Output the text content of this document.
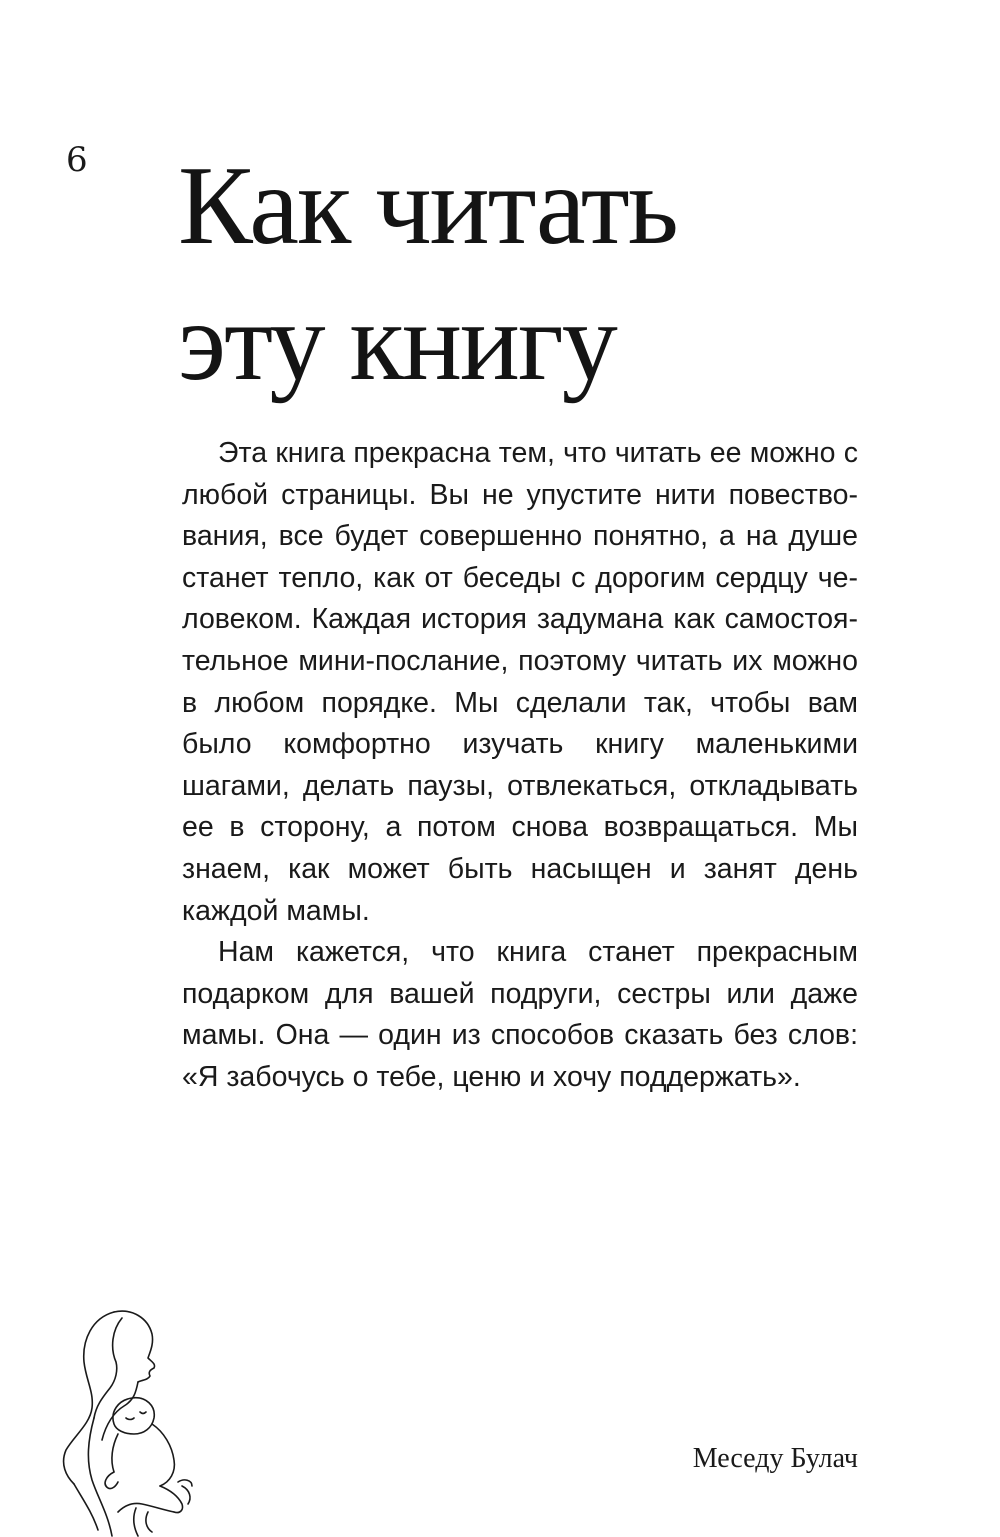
6 Как читать
эту книгу

Эта книга прекрасна тем, что читать ее можно с любой страницы. Вы не упустите нити повествования, все будет совершенно понятно, а на душе станет тепло, как от беседы с дорогим сердцу человеком. Каждая история задумана как самостоятельное мини-послание, поэтому читать их можно в любом порядке. Мы сделали так, чтобы вам было комфортно изучать книгу маленькими шагами, делать паузы, отвлекаться, откладывать ее в сторону, а потом снова возвращаться. Мы знаем, как может быть насыщен и занят день каждой мамы.

Нам кажется, что книга станет прекрасным подарком для вашей подруги, сестры или даже мамы. Она — один из способов сказать без слов: «Я забочусь о тебе, ценю и хочу поддержать».

Меседу Булач
